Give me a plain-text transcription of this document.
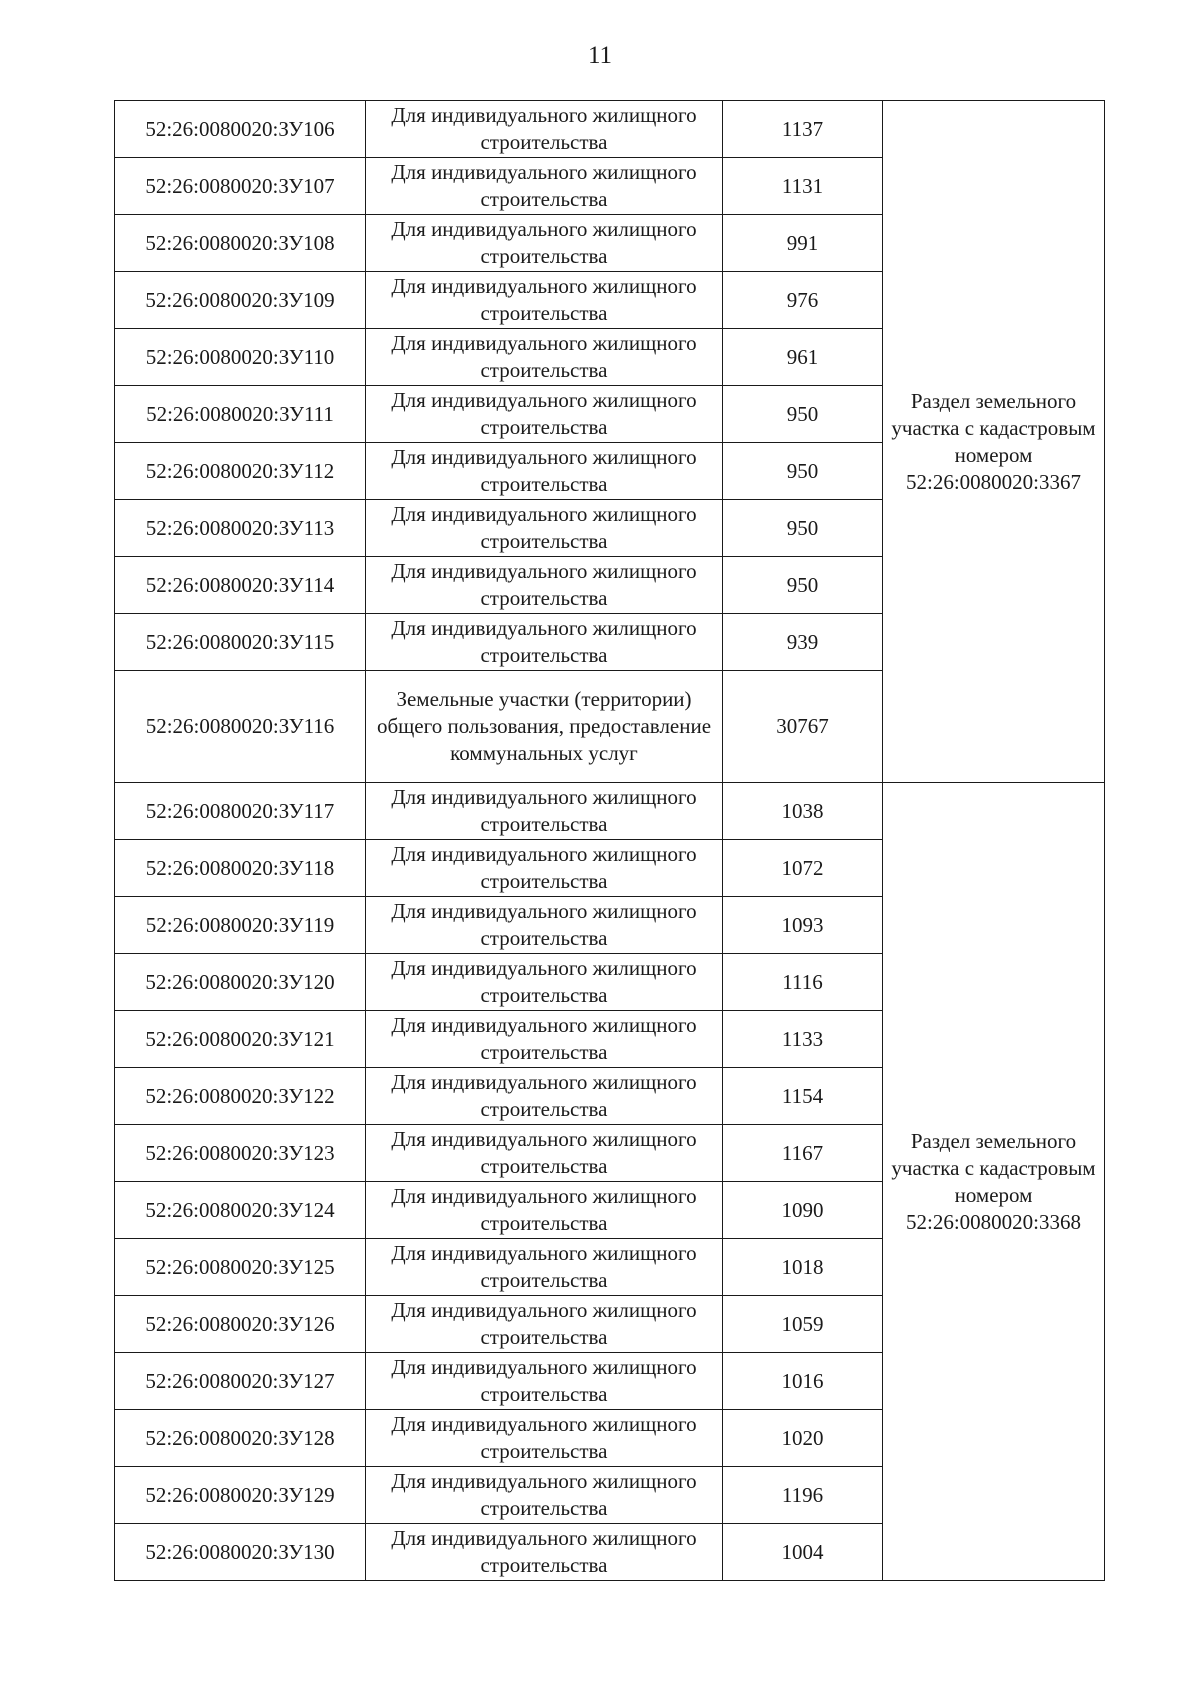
11
52:26:0080020:ЗУ106	Для индивидуального жилищного строительства	1137	Раздел земельного участка с кадастровым номером 52:26:0080020:3367
52:26:0080020:ЗУ107	Для индивидуального жилищного строительства	1131	
52:26:0080020:ЗУ108	Для индивидуального жилищного строительства	991	
52:26:0080020:ЗУ109	Для индивидуального жилищного строительства	976	
52:26:0080020:ЗУ110	Для индивидуального жилищного строительства	961	
52:26:0080020:ЗУ111	Для индивидуального жилищного строительства	950	
52:26:0080020:ЗУ112	Для индивидуального жилищного строительства	950	
52:26:0080020:ЗУ113	Для индивидуального жилищного строительства	950	
52:26:0080020:ЗУ114	Для индивидуального жилищного строительства	950	
52:26:0080020:ЗУ115	Для индивидуального жилищного строительства	939	
52:26:0080020:ЗУ116	Земельные участки (территории) общего пользования, предоставление коммунальных услуг	30767	
52:26:0080020:ЗУ117	Для индивидуального жилищного строительства	1038	Раздел земельного участка с кадастровым номером 52:26:0080020:3368
52:26:0080020:ЗУ118	Для индивидуального жилищного строительства	1072	
52:26:0080020:ЗУ119	Для индивидуального жилищного строительства	1093	
52:26:0080020:ЗУ120	Для индивидуального жилищного строительства	1116	
52:26:0080020:ЗУ121	Для индивидуального жилищного строительства	1133	
52:26:0080020:ЗУ122	Для индивидуального жилищного строительства	1154	
52:26:0080020:ЗУ123	Для индивидуального жилищного строительства	1167	
52:26:0080020:ЗУ124	Для индивидуального жилищного строительства	1090	
52:26:0080020:ЗУ125	Для индивидуального жилищного строительства	1018	
52:26:0080020:ЗУ126	Для индивидуального жилищного строительства	1059	
52:26:0080020:ЗУ127	Для индивидуального жилищного строительства	1016	
52:26:0080020:ЗУ128	Для индивидуального жилищного строительства	1020	
52:26:0080020:ЗУ129	Для индивидуального жилищного строительства	1196	
52:26:0080020:ЗУ130	Для индивидуального жилищного строительства	1004	
